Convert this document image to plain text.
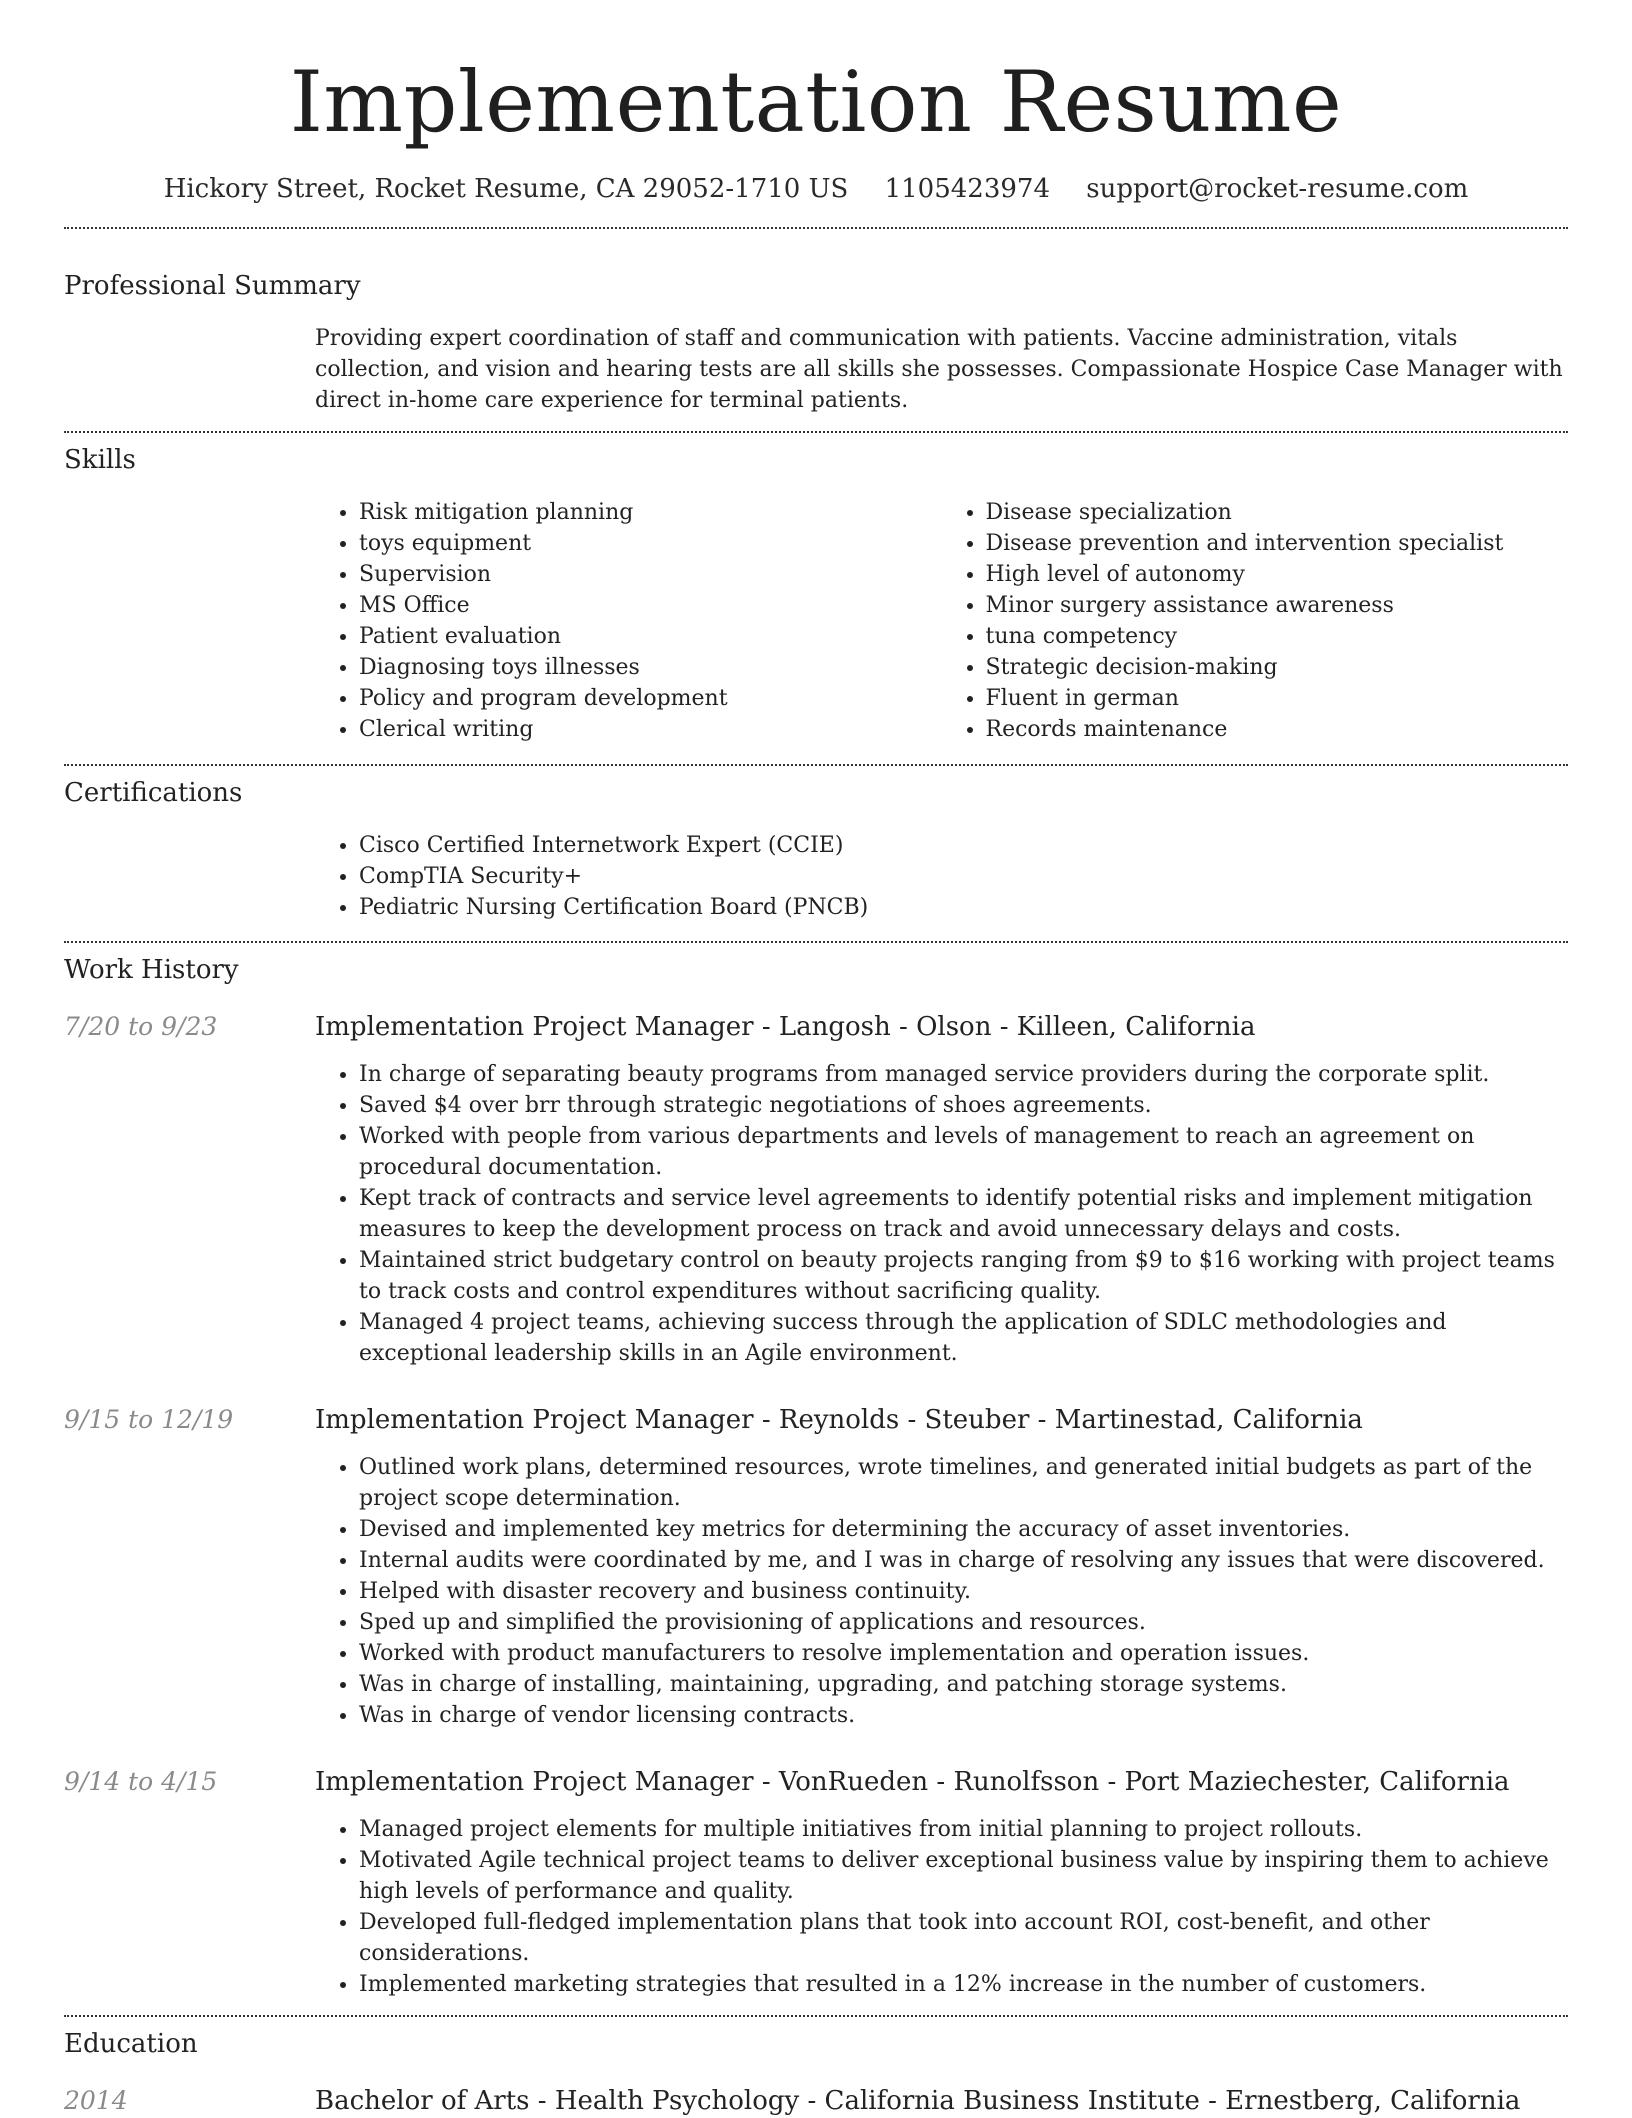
Implementation Resume
Hickory Street, Rocket Resume, CA 29052-1710 US 1105423974 support@rocket-resume.com
Professional Summary
Providing expert coordination of staff and communication with patients. Vaccine administration, vitals collection, and vision and hearing tests are all skills she possesses. Compassionate Hospice Case Manager with direct in-home care experience for terminal patients.
Skills
• Risk mitigation planning
• toys equipment
• Supervision
• MS Office
• Patient evaluation
• Diagnosing toys illnesses
• Policy and program development
• Clerical writing
• Disease specialization
• Disease prevention and intervention specialist
• High level of autonomy
• Minor surgery assistance awareness
• tuna competency
• Strategic decision-making
• Fluent in german
• Records maintenance
Certifications
• Cisco Certified Internetwork Expert (CCIE)
• CompTIA Security+
• Pediatric Nursing Certification Board (PNCB)
Work History
7/20 to 9/23	Implementation Project Manager - Langosh - Olson - Killeen, California
• In charge of separating beauty programs from managed service providers during the corporate split.
• Saved $4 over brr through strategic negotiations of shoes agreements.
• Worked with people from various departments and levels of management to reach an agreement on procedural documentation.
• Kept track of contracts and service level agreements to identify potential risks and implement mitigation measures to keep the development process on track and avoid unnecessary delays and costs.
• Maintained strict budgetary control on beauty projects ranging from $9 to $16 working with project teams to track costs and control expenditures without sacrificing quality.
• Managed 4 project teams, achieving success through the application of SDLC methodologies and exceptional leadership skills in an Agile environment.
9/15 to 12/19	Implementation Project Manager - Reynolds - Steuber - Martinestad, California
• Outlined work plans, determined resources, wrote timelines, and generated initial budgets as part of the project scope determination.
• Devised and implemented key metrics for determining the accuracy of asset inventories.
• Internal audits were coordinated by me, and I was in charge of resolving any issues that were discovered.
• Helped with disaster recovery and business continuity.
• Sped up and simplified the provisioning of applications and resources.
• Worked with product manufacturers to resolve implementation and operation issues.
• Was in charge of installing, maintaining, upgrading, and patching storage systems.
• Was in charge of vendor licensing contracts.
9/14 to 4/15	Implementation Project Manager - VonRueden - Runolfsson - Port Maziechester, California
• Managed project elements for multiple initiatives from initial planning to project rollouts.
• Motivated Agile technical project teams to deliver exceptional business value by inspiring them to achieve high levels of performance and quality.
• Developed full-fledged implementation plans that took into account ROI, cost-benefit, and other considerations.
• Implemented marketing strategies that resulted in a 12% increase in the number of customers.
Education
2014	Bachelor of Arts - Health Psychology - California Business Institute - Ernestberg, California
